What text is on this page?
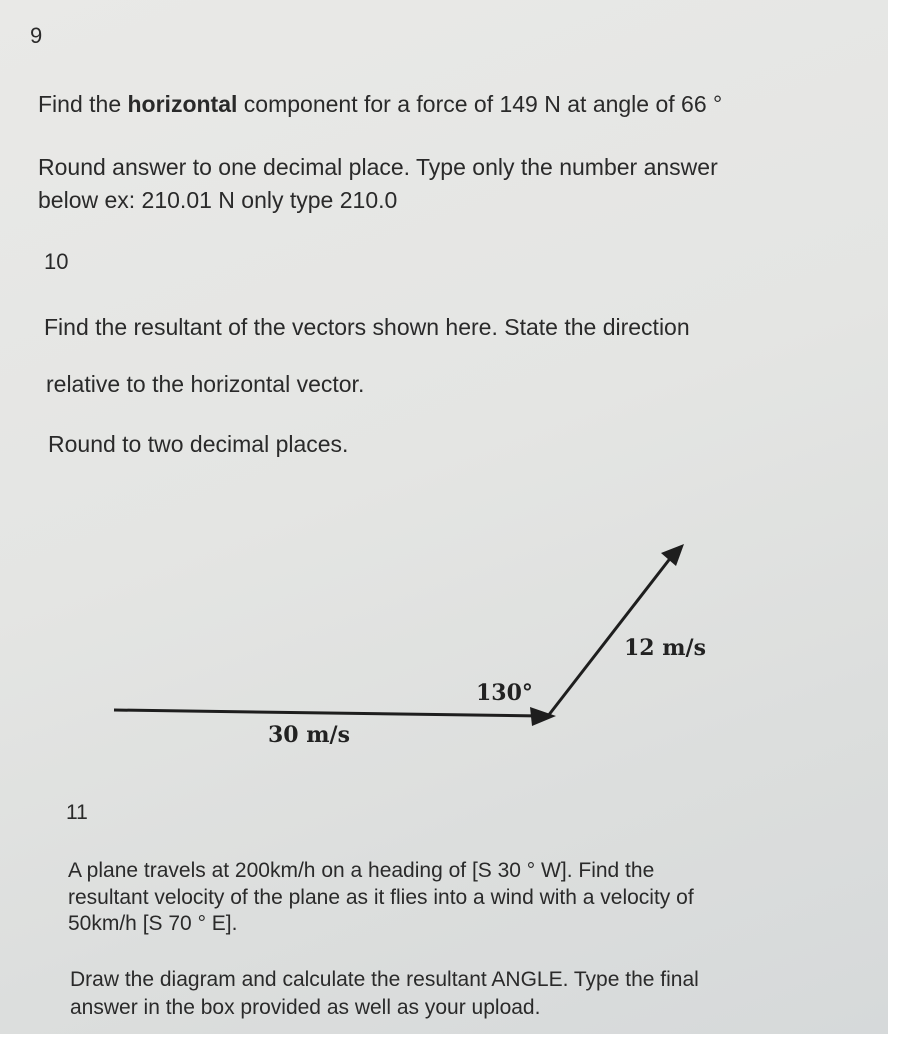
9
Find the horizontal component for a force of 149 N at angle of 66 °
Round answer to one decimal place. Type only the number answer
below ex: 210.01 N only type 210.0
10
Find the resultant of the vectors shown here. State the direction
relative to the horizontal vector.
Round to two decimal places.
30 m/s
12 m/s
130°
11
A plane travels at 200km/h on a heading of [S 30 ° W]. Find the
resultant velocity of the plane as it flies into a wind with a velocity of
50km/h [S 70 ° E].
Draw the diagram and calculate the resultant ANGLE. Type the final
answer in the box provided as well as your upload.
